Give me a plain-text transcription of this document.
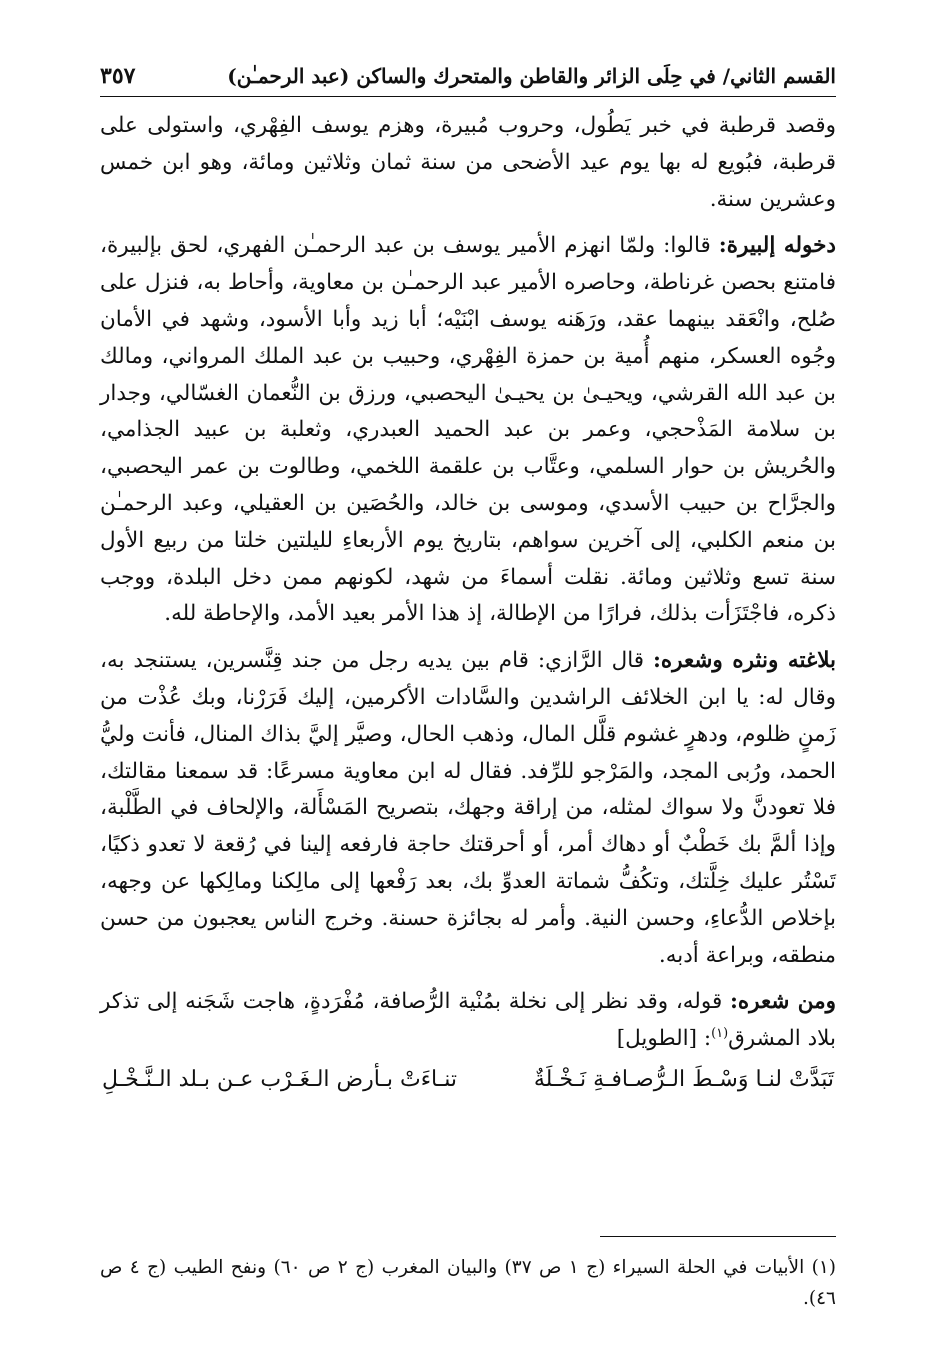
القسم الثاني/ في حِلَى الزائر والقاطن والمتحرك والساكن (عبد الرحمـٰن)
٣٥٧

وقصد قرطبة في خبر يَطُول، وحروب مُبيرة، وهزم يوسف الفِهْري، واستولى على قرطبة، فبُويع له بها يوم عيد الأضحى من سنة ثمان وثلاثين ومائة، وهو ابن خمس وعشرين سنة.

دخوله إلبيرة: قالوا: ولمّا انهزم الأمير يوسف بن عبد الرحمـٰن الفهري، لحق بإلبيرة، فامتنع بحصن غرناطة، وحاصره الأمير عبد الرحمـٰن بن معاوية، وأحاط به، فنزل على صُلح، وانْعَقد بينهما عقد، ورَهَنه يوسف ابْنَيْه؛ أبا زيد وأبا الأسود، وشهد في الأمان وجُوه العسكر، منهم أُمية بن حمزة الفِهْري، وحبيب بن عبد الملك المرواني، ومالك بن عبد الله القرشي، ويحيـىٰ بن يحيـىٰ اليحصبي، ورزق بن النُّعمان الغسّالي، وجدار بن سلامة المَذْحجي، وعمر بن عبد الحميد العبدري، وثعلبة بن عبيد الجذامي، والحُريش بن حوار السلمي، وعتَّاب بن علقمة اللخمي، وطالوت بن عمر اليحصبي، والجرَّاح بن حبيب الأسدي، وموسى بن خالد، والحُصَين بن العقيلي، وعبد الرحمـٰن بن منعم الكلبي، إلى آخرين سواهم، بتاريخ يوم الأربعاءِ لليلتين خلتا من ربيع الأول سنة تسع وثلاثين ومائة. نقلت أسماءَ من شهد، لكونهم ممن دخل البلدة، ووجب ذكره، فاجْتَزَأت بذلك، فرارًا من الإطالة، إذ هذا الأمر بعيد الأمد، والإحاطة لله.

بلاغته ونثره وشعره: قال الرَّازي: قام بين يديه رجل من جند قِنَّسرين، يستنجد به، وقال له: يا ابن الخلائف الراشدين والسَّادات الأكرمين، إليك فَرَرْنا، وبك عُذْت من زَمنٍ ظلوم، ودهرٍ غشوم قلَّل المال، وذهب الحال، وصيَّر إليَّ بذاك المنال، فأنت وليُّ الحمد، ورُبى المجد، والمَرْجو للرِّفد. فقال له ابن معاوية مسرعًا: قد سمعنا مقالتك، فلا تعودنَّ ولا سواك لمثله، من إراقة وجهك، بتصريح المَسْأَلة، والإلحاف في الطَّلْبة، وإذا ألمَّ بك خَطْبٌ أو دهاك أمر، أو أحرقتك حاجة فارفعه إلينا في رُقعة لا تعدو ذكيًا، تَسْتُر عليك خِلَّتك، وتكُفُّ شماتة العدوِّ بك، بعد رَفْعها إلى مالِكنا ومالِكها عن وجهه، بإخلاص الدُّعاءِ، وحسن النية. وأمر له بجائزة حسنة. وخرج الناس يعجبون من حسن منطقه، وبراعة أدبه.

ومن شعره: قوله، وقد نظر إلى نخلة بمُنْية الرُّصافة، مُفْرَدةٍ، هاجت شَجَنه إلى تذكر بلاد المشرق$^{(١)}$: [الطويل]

تَبَدَّتْ لنـا وَسْـطَ الـرُّصـافـةِ نَـخْـلَةٌ
تنـاءَتْ بـأرض الـغَـرْب عـن بـلد الـنَّـخْـلِ
(١) الأبيات في الحلة السيراء (ج ١ ص ٣٧) والبيان المغرب (ج ٢ ص ٦٠) ونفح الطيب (ج ٤ ص ٤٦).
